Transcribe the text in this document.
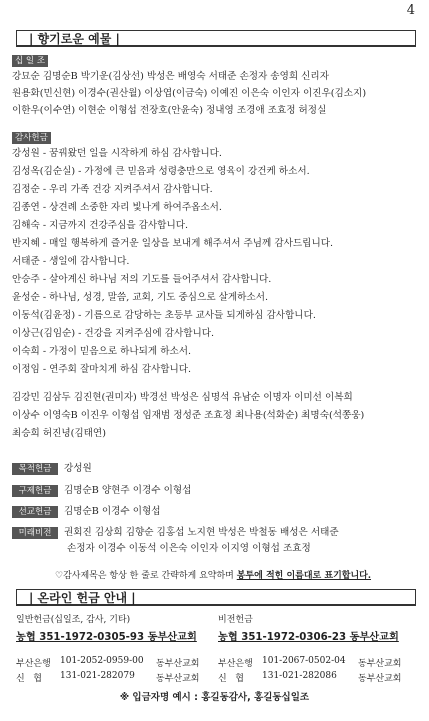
4
| 향기로운 예물 |
십 일 조
강묘순 김명순B 박기운(김상선) 박성은 배영숙 서태준 손정자 송영희 신리자
원용화(민신현) 이경수(권산월) 이상엽(이금숙) 이예진 이은숙 이인자 이진우(김소지)
이한우(이수연) 이현순 이형섭 전장호(안윤숙) 정내영 조경애 조효정 허정실
감사헌금
강성원 - 꿈꿔왔던 일을 시작하게 하심 감사합니다.
김성옥(김순실) - 가정에 큰 믿음과 성령충만으로 영육이 강건케 하소서.
김정순 - 우리 가족 건강 지켜주셔서 감사합니다.
김종연 - 상견례 소중한 자리 빛나게 하여주옵소서.
김해숙 - 지금까지 건강주심을 감사합니다.
반지혜 - 매일 행복하게 즐거운 일상을 보내게 해주셔서 주님께 감사드립니다.
서태준 - 생일에 감사합니다.
안승주 - 살아계신 하나님 저의 기도를 들어주셔서 감사합니다.
윤성순 - 하나님, 성경, 말씀, 교회, 기도 중심으로 살게하소서.
이동석(김윤정) - 기름으로 감당하는 초등부 교사들 되게하심 감사합니다.
이상근(김임순) - 건강을 지켜주심에 감사합니다.
이숙희 - 가정이 믿음으로 하나되게 하소서.
이정임 - 연주회 잘마치게 하심 감사합니다.
김강민 김삼두 김진현(권미자) 박경선 박성은 심명석 유남순 이명자 이미선 이복희
이상수 이영숙B 이진우 이형섭 임재범 정성준 조효정 최나용(석화순) 최명숙(석쫑웅)
최승희 허진녕(김태연)
목적헌금 강성원
구제헌금 김명순B 양현주 이경수 이형섭
선교헌금 김명순B 이경수 이형섭
미래비전 권회진 김상희 김향순 김홍섭 노지현 박성은 박철동 배성은 서태준
손정자 이경수 이동석 이은숙 이인자 이지영 이형섭 조효정
♡감사제목은 항상 한 줄로 간략하게 요약하며 봉투에 적힌 이름대로 표기합니다.
| 온라인 헌금 안내 |
일반헌금(십일조, 감사, 기타)	비전헌금
농협 351-1972-0305-93 동부산교회 농협 351-1972-0306-23 동부산교회
부산은행 101-2052-0959-00 동부산교회 부산은행 101-2067-0502-04 동부산교회
신   협 131-021-282079 동부산교회 신   협 131-021-282086 동부산교회
※ 입금자명 예시 : 홍길동감사, 홍길동십일조
